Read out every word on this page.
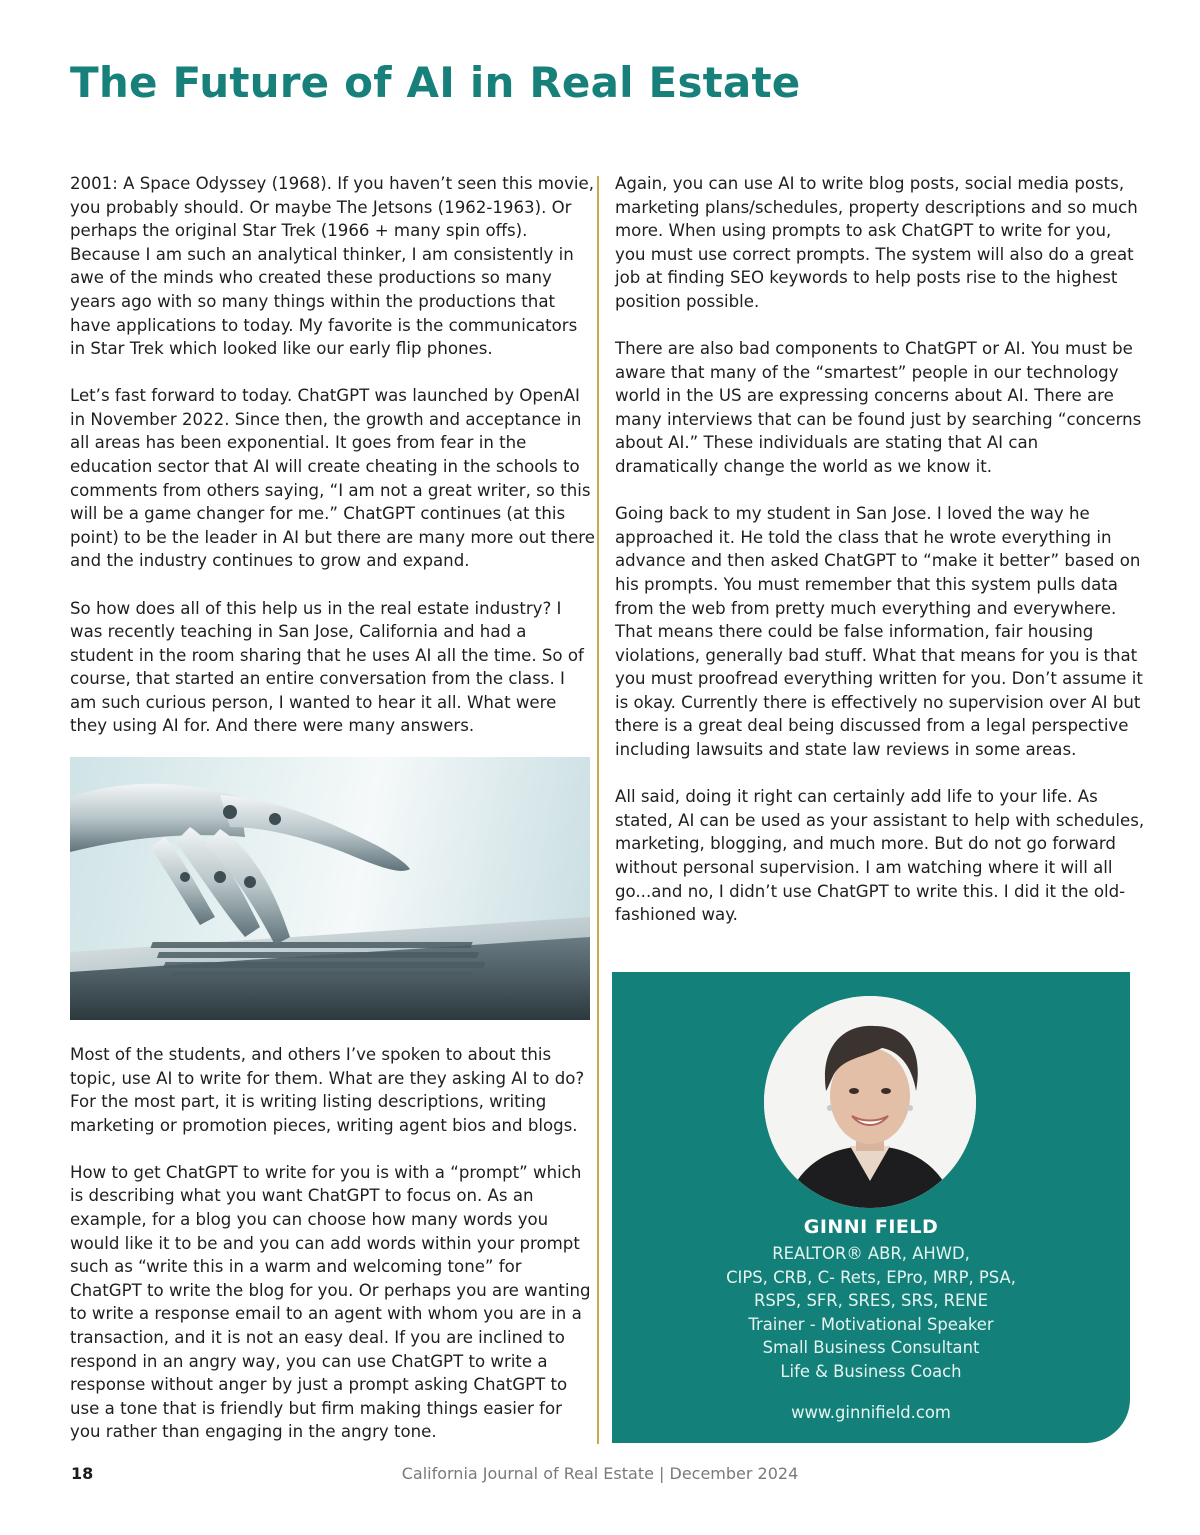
The Future of AI in Real Estate

2001: A Space Odyssey (1968). If you haven’t seen this movie, you probably should. Or maybe The Jetsons (1962-1963). Or perhaps the original Star Trek (1966 + many spin offs). Because I am such an analytical thinker, I am consistently in awe of the minds who created these productions so many years ago with so many things within the productions that have applications to today. My favorite is the communicators in Star Trek which looked like our early flip phones.

Let’s fast forward to today. ChatGPT was launched by OpenAI in November 2022. Since then, the growth and acceptance in all areas has been exponential. It goes from fear in the education sector that AI will create cheating in the schools to comments from others saying, “I am not a great writer, so this will be a game changer for me.” ChatGPT continues (at this point) to be the leader in AI but there are many more out there and the industry continues to grow and expand.

So how does all of this help us in the real estate industry? I was recently teaching in San Jose, California and had a student in the room sharing that he uses AI all the time. So of course, that started an entire conversation from the class. I am such curious person, I wanted to hear it all. What were they using AI for. And there were many answers.

Most of the students, and others I’ve spoken to about this topic, use AI to write for them. What are they asking AI to do? For the most part, it is writing listing descriptions, writing marketing or promotion pieces, writing agent bios and blogs.

How to get ChatGPT to write for you is with a “prompt” which is describing what you want ChatGPT to focus on. As an example, for a blog you can choose how many words you would like it to be and you can add words within your prompt such as “write this in a warm and welcoming tone” for ChatGPT to write the blog for you. Or perhaps you are wanting to write a response email to an agent with whom you are in a transaction, and it is not an easy deal. If you are inclined to respond in an angry way, you can use ChatGPT to write a response without anger by just a prompt asking ChatGPT to use a tone that is friendly but firm making things easier for you rather than engaging in the angry tone.

Again, you can use AI to write blog posts, social media posts, marketing plans/schedules, property descriptions and so much more. When using prompts to ask ChatGPT to write for you, you must use correct prompts. The system will also do a great job at finding SEO keywords to help posts rise to the highest position possible.

There are also bad components to ChatGPT or AI. You must be aware that many of the “smartest” people in our technology world in the US are expressing concerns about AI. There are many interviews that can be found just by searching “concerns about AI.” These individuals are stating that AI can dramatically change the world as we know it.

Going back to my student in San Jose. I loved the way he approached it. He told the class that he wrote everything in advance and then asked ChatGPT to “make it better” based on his prompts. You must remember that this system pulls data from the web from pretty much everything and everywhere. That means there could be false information, fair housing violations, generally bad stuff. What that means for you is that you must proofread everything written for you. Don’t assume it is okay. Currently there is effectively no supervision over AI but there is a great deal being discussed from a legal perspective including lawsuits and state law reviews in some areas.

All said, doing it right can certainly add life to your life. As stated, AI can be used as your assistant to help with schedules, marketing, blogging, and much more. But do not go forward without personal supervision. I am watching where it will all go...and no, I didn’t use ChatGPT to write this. I did it the old-fashioned way.

GINNI FIELD
REALTOR® ABR, AHWD,
CIPS, CRB, C- Rets, EPro, MRP, PSA,
RSPS, SFR, SRES, SRS, RENE
Trainer - Motivational Speaker
Small Business Consultant
Life & Business Coach
www.ginnifield.com
California Journal of Real Estate | December 2024
18
